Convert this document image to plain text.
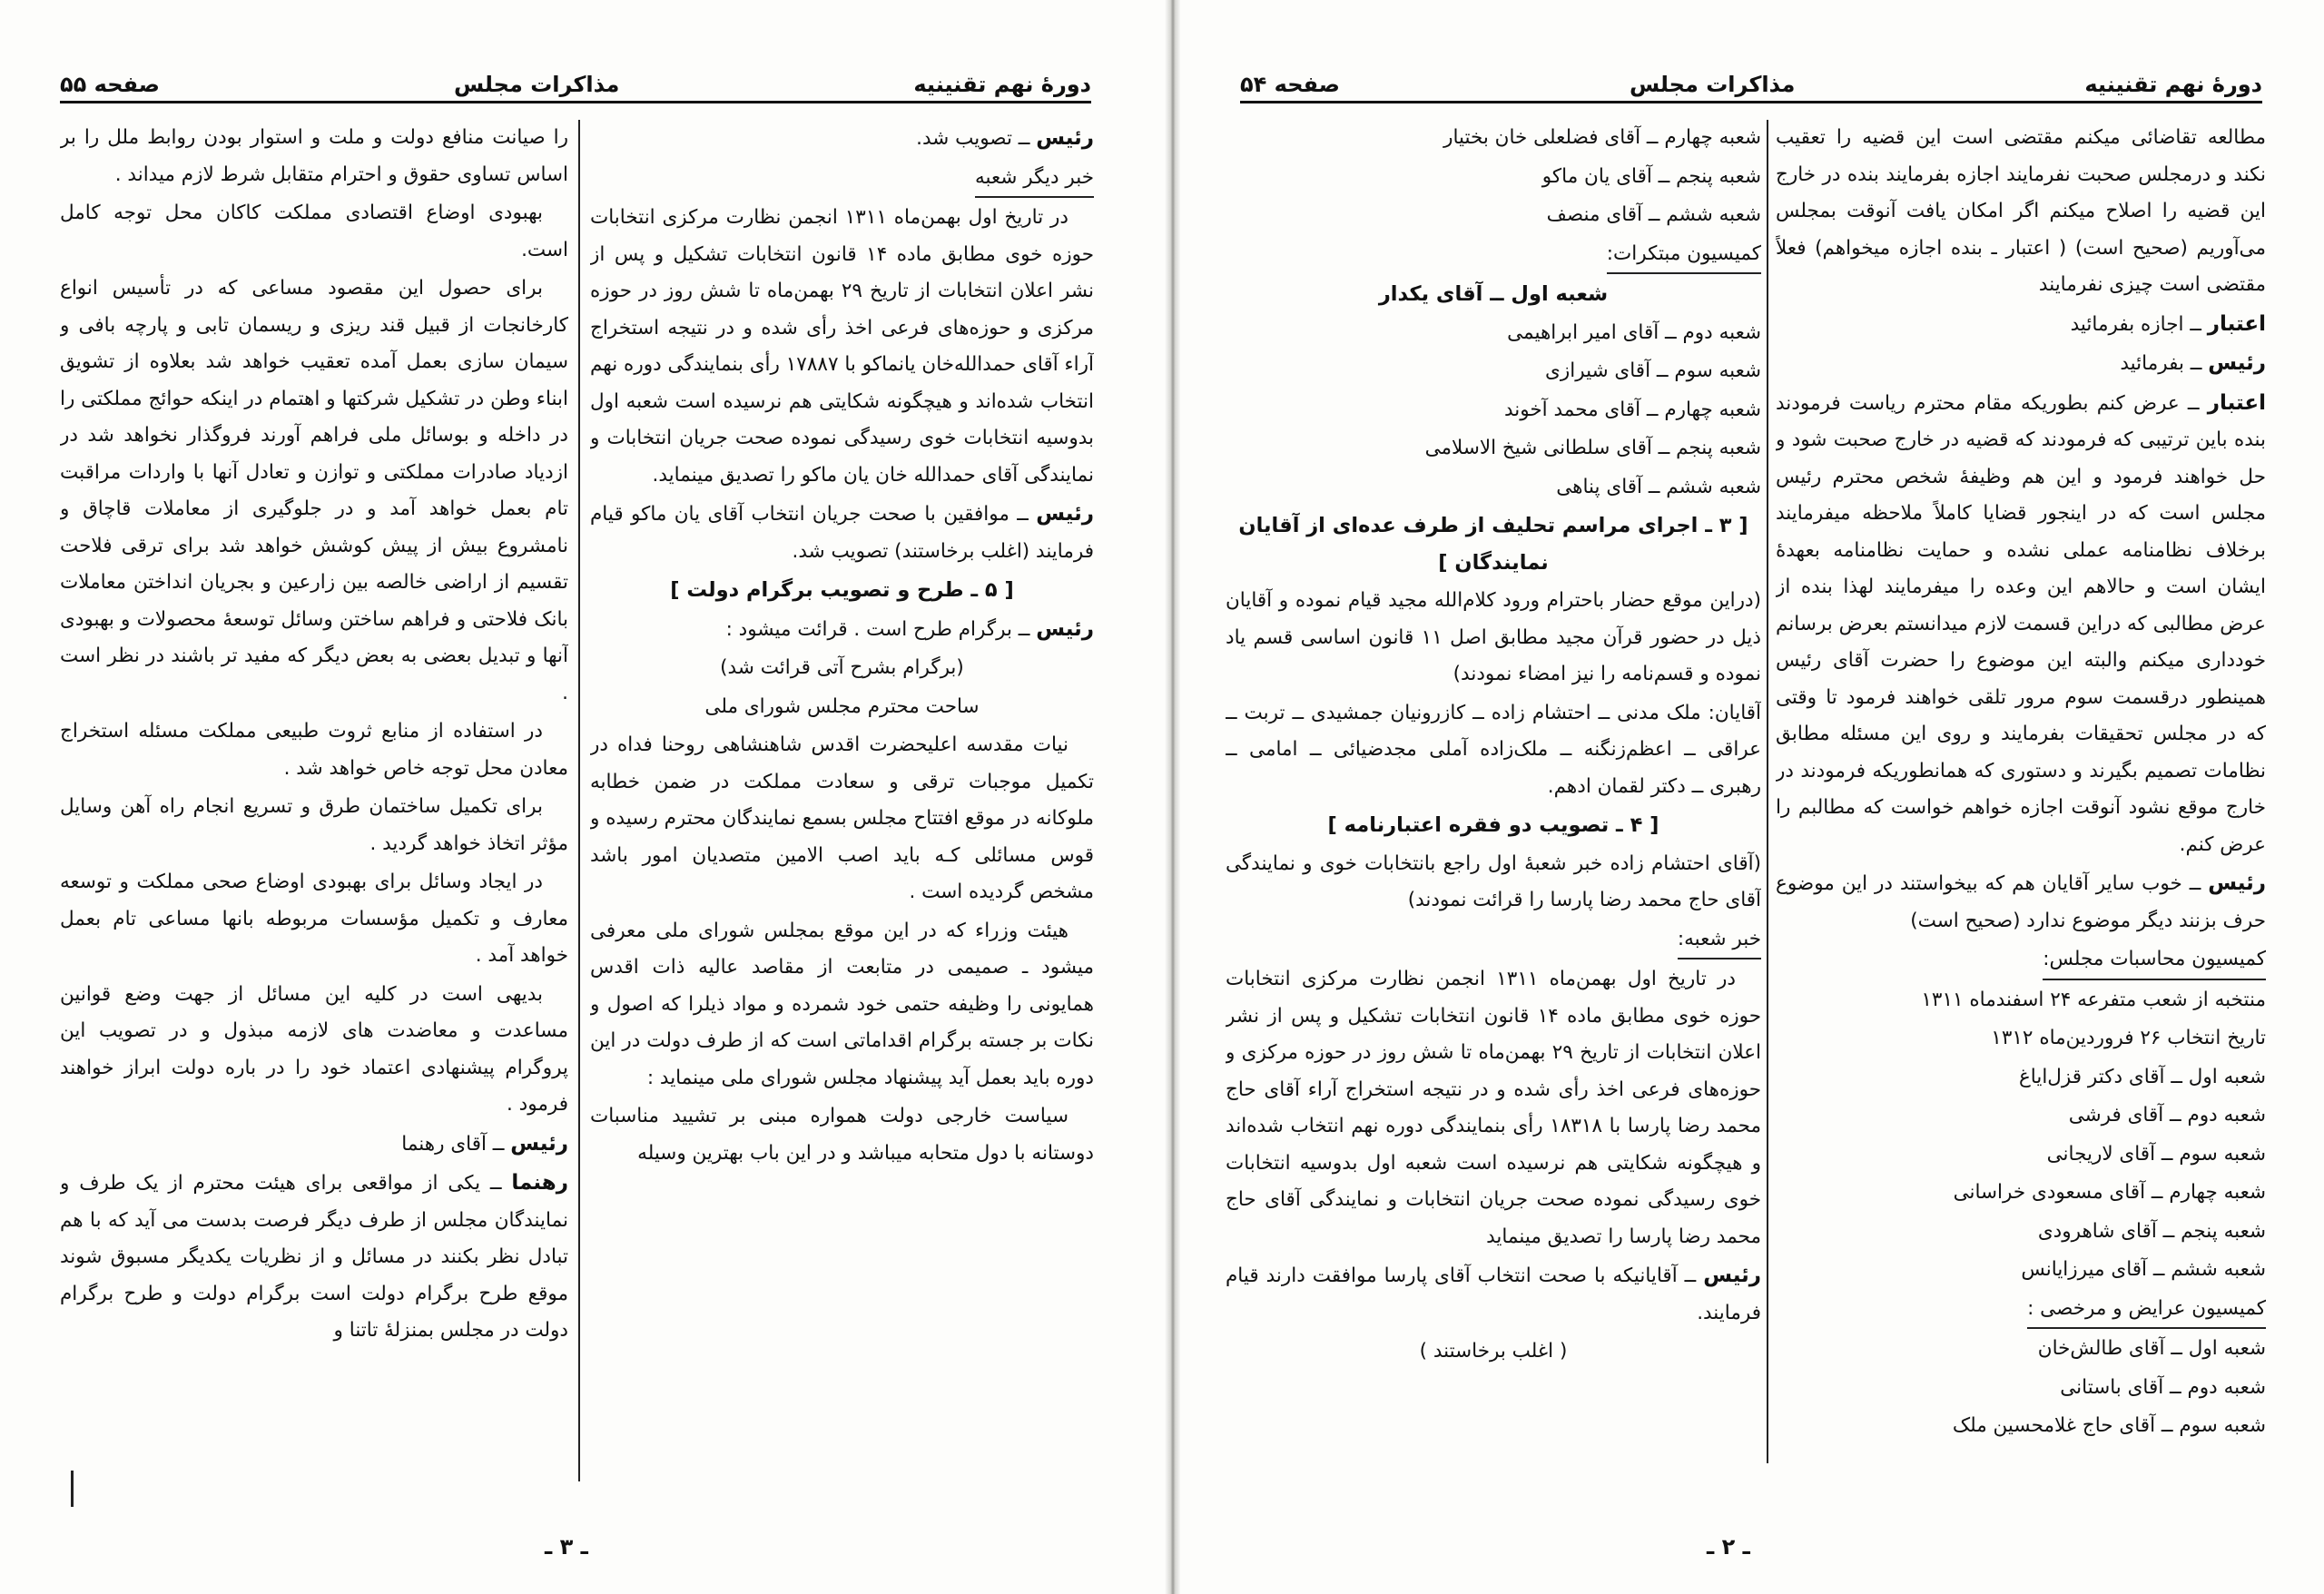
دورهٔ نهم تقنینیه
مذاکرات مجلس
صفحه ۵۵

رئیس ــ تصویب شد.

خبر دیگر شعبه

در تاریخ اول بهمن‌ماه ۱۳۱۱ انجمن نظارت مرکزی انتخابات حوزه خوی مطابق ماده ۱۴ قانون انتخابات تشکیل و پس از نشر اعلان انتخابات از تاریخ ۲۹ بهمن‌ماه تا شش روز در حوزه مرکزی و حوزه‌های فرعی اخذ رأی شده و در نتیجه استخراج آراء آقای حمدالله‌خان یانماکو با ۱۷۸۸۷ رأی بنمایندگی دوره نهم انتخاب شده‌اند و هیچگونه شکایتی هم نرسیده است شعبه اول بدوسیه انتخابات خوی رسیدگی نموده صحت جریان انتخابات و نمایندگی آقای حمدالله خان یان ماکو را تصدیق مینماید.

رئیس ــ موافقین با صحت جریان انتخاب آقای یان ماکو قیام فرمایند (اغلب برخاستند) تصویب شد.

[ ۵ ـ طرح و تصویب برگرام دولت ]

رئیس ــ برگرام طرح است . قرائت میشود :

(برگرام بشرح آتی قرائت شد)

ساحت محترم مجلس شورای ملی

نیات مقدسه اعلیحضرت اقدس شاهنشاهی روحنا فداه در تکمیل موجبات ترقی و سعادت مملکت در ضمن خطابه ملوکانه در موقع افتتاح مجلس بسمع نمایندگان محترم رسیده و قوس مسائلی کـه باید اصب الامین متصدیان امور باشد مشخص گردیده است .

هیئت وزراء که در این موقع بمجلس شورای ملی معرفی میشود ـ صمیمی در متابعت از مقاصد عالیه ذات اقدس همایونی را وظیفه حتمی خود شمرده و مواد ذیلرا که اصول و نکات بر جسته برگرام اقداماتی است که از طرف دولت در این دوره باید بعمل آید پیشنهاد مجلس شورای ملی مینماید :

سیاست خارجی دولت همواره مبنی بر تشیید مناسبات دوستانه با دول متحابه میباشد و در این باب بهترین وسیله

را صیانت منافع دولت و ملت و استوار بودن روابط ملل را بر اساس تساوی حقوق و احترام متقابل شرط لازم میداند .

بهبودی اوضاع اقتصادی مملکت کاکان محل توجه کامل است.

برای حصول این مقصود مساعی که در تأسیس انواع کارخانجات از قبیل قند ریزی و ریسمان تابی و پارچه بافی و سیمان سازی بعمل آمده تعقیب خواهد شد بعلاوه از تشویق ابناء وطن در تشکیل شرکتها و اهتمام در اینکه حوائج مملکتی را در داخله و بوسائل ملی فراهم آورند فروگذار نخواهد شد در ازدیاد صادرات مملکتی و توازن و تعادل آنها با واردات مراقبت تام بعمل خواهد آمد و در جلوگیری از معاملات قاچاق و نامشروع بیش از پیش کوشش خواهد شد برای ترقی فلاحت تقسیم از اراضی خالصه بین زارعین و بجریان انداختن معاملات بانک فلاحتی و فراهم ساختن وسائل توسعهٔ محصولات و بهبودی آنها و تبدیل بعضی به بعض دیگر که مفید تر باشند در نظر است .

در استفاده از منابع ثروت طبیعی مملکت مسئله استخراج معادن محل توجه خاص خواهد شد .

برای تکمیل ساختمان طرق و تسریع انجام راه آهن وسایل مؤثر اتخاذ خواهد گردید .

در ایجاد وسائل برای بهبودی اوضاع صحی مملکت و توسعه معارف و تکمیل مؤسسات مربوطه بانها مساعی تام بعمل خواهد آمد .

بدیهی است در کلیه این مسائل از جهت وضع قوانین مساعدت و معاضدت های لازمه مبذول و در تصویب این پروگرام پیشنهادی اعتماد خود را در باره دولت ابراز خواهند فرمود .

رئیس ــ آقای رهنما

رهنما ــ یکی از مواقعی برای هیئت محترم از یک طرف و نمایندگان مجلس از طرف دیگر فرصت بدست می آید که با هم تبادل نظر بکنند در مسائل و از نظریات یکدیگر مسبوق شوند موقع طرح برگرام دولت است برگرام دولت و طرح برگرام دولت در مجلس بمنزلهٔ تاتنا و

ـ ۳ ـ
دورهٔ نهم تقنینیه
مذاکرات مجلس
صفحه ۵۴

مطالعه تقاضائی میکنم مقتضی است این قضیه را تعقیب نکند و درمجلس صحبت نفرمایند اجازه بفرمایند بنده در خارج این قضیه را اصلاح میکنم اگر امکان یافت آنوقت بمجلس می‌آوریم (صحیح است) ( اعتبار ـ بنده اجازه میخواهم) فعلاً مقتضی است چیزی نفرمایند

اعتبار ــ اجازه بفرمائید

رئیس ــ بفرمائید

اعتبار ــ عرض کنم بطوریکه مقام محترم ریاست فرمودند بنده باین ترتیبی که فرمودند که قضیه در خارج صحبت شود و حل خواهند فرمود و این هم وظیفهٔ شخص محترم رئیس مجلس است که در اینجور قضایا کاملاً ملاحظه میفرمایند برخلاف نظامنامه عملی نشده و حمایت نظامنامه بعهدهٔ ایشان است و حالاهم این وعده را میفرمایند لهذا بنده از عرض مطالبی که دراین قسمت لازم میدانستم بعرض برسانم خودداری میکنم والبته این موضوع را حضرت آقای رئیس همینطور درقسمت سوم مرور تلقی خواهند فرمود تا وقتی که در مجلس تحقیقات بفرمایند و روی این مسئله مطابق نظامات تصمیم بگیرند و دستوری که همانطوریکه فرمودند در خارج موقع نشود آنوقت اجازه خواهم خواست که مطالبم را عرض کنم.

رئیس ــ خوب سایر آقایان هم که بیخواستند در این موضوع حرف بزنند دیگر موضوع ندارد (صحیح است)

کمیسیون محاسبات مجلس:

منتخبه از شعب متفرعه ۲۴ اسفندماه ۱۳۱۱

تاریخ انتخاب ۲۶ فروردین‌ماه ۱۳۱۲

شعبه اول ــ آقای دکتر قزل‌ایاغ

شعبه دوم ــ آقای فرشی

شعبه سوم ــ آقای لاریجانی

شعبه چهارم ــ آقای مسعودی خراسانی

شعبه پنجم ــ آقای شاهرودی

شعبه ششم ــ آقای میرزایانس

کمیسیون عرایض و مرخصی :

شعبه اول ــ آقای طالش‌خان

شعبه دوم ــ آقای باستانی

شعبه سوم ــ آقای حاج غلامحسین ملک

شعبه چهارم ــ آقای فضلعلی خان بختیار

شعبه پنجم ــ آقای یان ماکو

شعبه ششم ــ آقای منصف

کمیسیون مبتکرات:

شعبه اول ــ آقای یکدار

شعبه دوم ــ آقای امیر ابراهیمی

شعبه سوم ــ آقای شیرازی

شعبه چهارم ــ آقای محمد آخوند

شعبه پنجم ــ آقای سلطانی شیخ الاسلامی

شعبه ششم ــ آقای پناهی

[ ۳ ـ اجرای مراسم تحلیف از طرف عده‌ای از آقایان نمایندگان ]

(دراین موقع حضار باحترام ورود کلام‌الله مجید قیام نموده و آقایان ذیل در حضور قرآن مجید مطابق اصل ۱۱ قانون اساسی قسم یاد نموده و قسم‌نامه را نیز امضاء نمودند)

آقایان: ملک مدنی ــ احتشام زاده ــ کازرونیان جمشیدی ــ تربت ــ عراقی ــ اعظم‌زنگنه ــ ملک‌زاده آملی مجدضیائی ــ امامی ــ رهبری ــ دکتر لقمان ادهم.

[ ۴ ـ تصویب دو فقره اعتبارنامه ]

(آقای احتشام زاده خبر شعبهٔ اول راجع بانتخابات خوی و نمایندگی آقای حاج محمد رضا پارسا را قرائت نمودند)

خبر شعبه:

در تاریخ اول بهمن‌ماه ۱۳۱۱ انجمن نظارت مرکزی انتخابات حوزه خوی مطابق ماده ۱۴ قانون انتخابات تشکیل و پس از نشر اعلان انتخابات از تاریخ ۲۹ بهمن‌ماه تا شش روز در حوزه مرکزی و حوزه‌های فرعی اخذ رأی شده و در نتیجه استخراج آراء آقای حاج محمد رضا پارسا با ۱۸۳۱۸ رأی بنمایندگی دوره نهم انتخاب شده‌اند و هیچگونه شکایتی هم نرسیده است شعبه اول بدوسیه انتخابات خوی رسیدگی نموده صحت جریان انتخابات و نمایندگی آقای حاج محمد رضا پارسا را تصدیق مینماید

رئیس ــ آقایانیکه با صحت انتخاب آقای پارسا موافقت دارند قیام فرمایند.

( اغلب برخاستند )

ـ ۲ ـ
